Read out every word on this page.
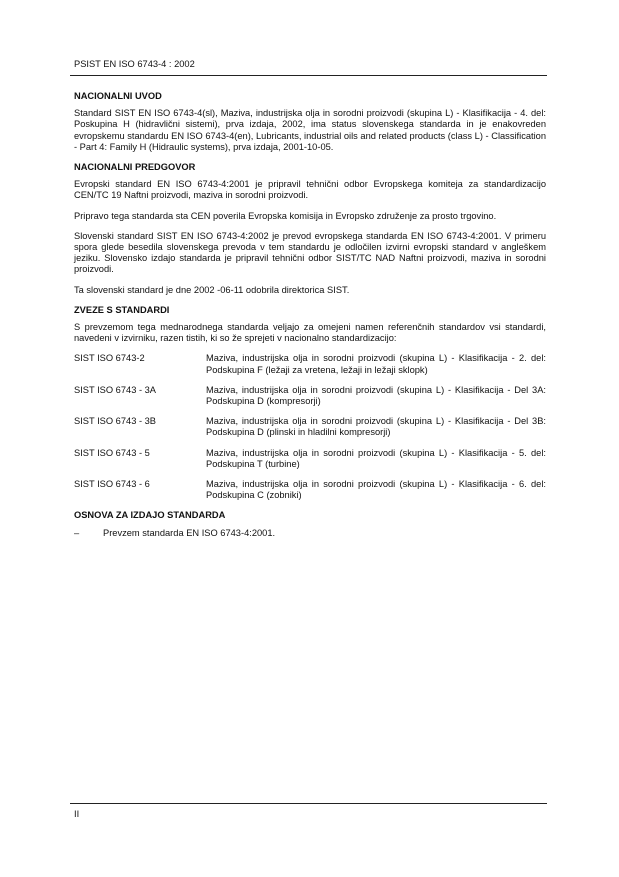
PSIST EN ISO 6743-4 : 2002
NACIONALNI UVOD

Standard SIST EN ISO 6743-4(sl), Maziva, industrijska olja in sorodni proizvodi (skupina L) - Klasifikacija - 4. del: Poskupina H (hidravlični sistemi), prva izdaja, 2002, ima status slovenskega standarda in je enakovreden evropskemu standardu EN ISO 6743-4(en), Lubricants, industrial oils and related products (class L) - Classification - Part 4: Family H (Hidraulic systems), prva izdaja, 2001-10-05.

NACIONALNI PREDGOVOR

Evropski standard EN ISO 6743-4:2001 je pripravil tehnični odbor Evropskega komiteja za standardizacijo CEN/TC 19 Naftni proizvodi, maziva in sorodni proizvodi.

Pripravo tega standarda sta CEN poverila Evropska komisija in Evropsko združenje za prosto trgovino.

Slovenski standard SIST EN ISO 6743-4:2002 je prevod evropskega standarda EN ISO 6743-4:2001. V primeru spora glede besedila slovenskega prevoda v tem standardu je odločilen izvirni evropski standard v angleškem jeziku. Slovensko izdajo standarda je pripravil tehnični odbor SIST/TC NAD Naftni proizvodi, maziva in sorodni proizvodi.

Ta slovenski standard je dne 2002 -06-11 odobrila direktorica SIST.

ZVEZE S STANDARDI

S prevzemom tega mednarodnega standarda veljajo za omejeni namen referenčnih standardov vsi standardi, navedeni v izvirniku, razen tistih, ki so že sprejeti v nacionalno standardizacijo:

SIST ISO 6743-2	Maziva, industrijska olja in sorodni proizvodi (skupina L) - Klasifikacija - 2. del: Podskupina F (ležaji za vretena, ležaji in ležaji sklopk)
SIST ISO 6743 - 3A	Maziva, industrijska olja in sorodni proizvodi (skupina L) - Klasifikacija - Del 3A: Podskupina D (kompresorji)
SIST ISO 6743 - 3B	Maziva, industrijska olja in sorodni proizvodi (skupina L) - Klasifikacija - Del 3B: Podskupina D (plinski in hladilni kompresorji)
SIST ISO 6743 - 5	Maziva, industrijska olja in sorodni proizvodi (skupina L) - Klasifikacija - 5. del: Podskupina T (turbine)
SIST ISO 6743 - 6	Maziva, industrijska olja in sorodni proizvodi (skupina L) - Klasifikacija - 6. del: Podskupina C (zobniki)
OSNOVA ZA IZDAJO STANDARDA
–	Prevzem standarda EN ISO 6743-4:2001.
II
